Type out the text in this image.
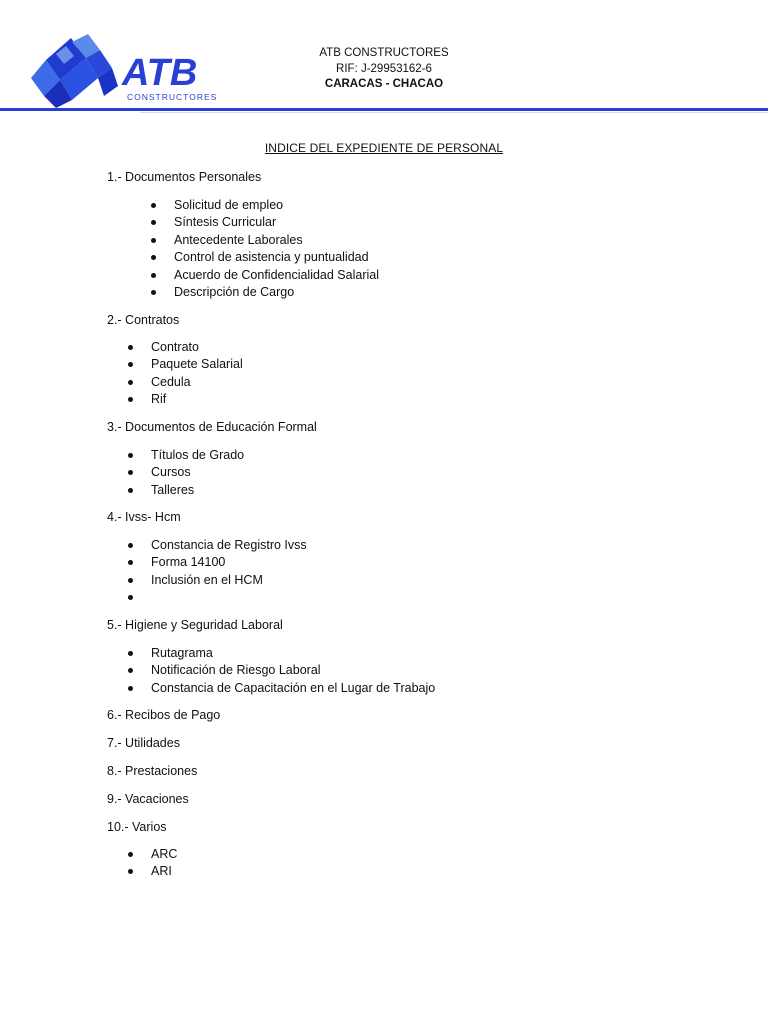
ATB
CONSTRUCTORES
ATB CONSTRUCTORES
RIF: J-29953162-6
CARACAS - CHACAO
INDICE DEL EXPEDIENTE DE PERSONAL
1.- Documentos Personales
Solicitud de empleo
Síntesis Curricular
Antecedente Laborales
Control de asistencia y puntualidad
Acuerdo de Confidencialidad Salarial
Descripción de Cargo
2.- Contratos
Contrato
Paquete Salarial
Cedula
Rif
3.- Documentos de Educación Formal
Títulos de Grado
Cursos
Talleres
4.- Ivss- Hcm
Constancia de Registro Ivss
Forma 14100
Inclusión en el HCM
5.- Higiene y Seguridad Laboral
Rutagrama
Notificación de Riesgo Laboral
Constancia de Capacitación en el Lugar de Trabajo
6.- Recibos de Pago
7.- Utilidades
8.- Prestaciones
9.- Vacaciones
10.- Varios
ARC
ARI
